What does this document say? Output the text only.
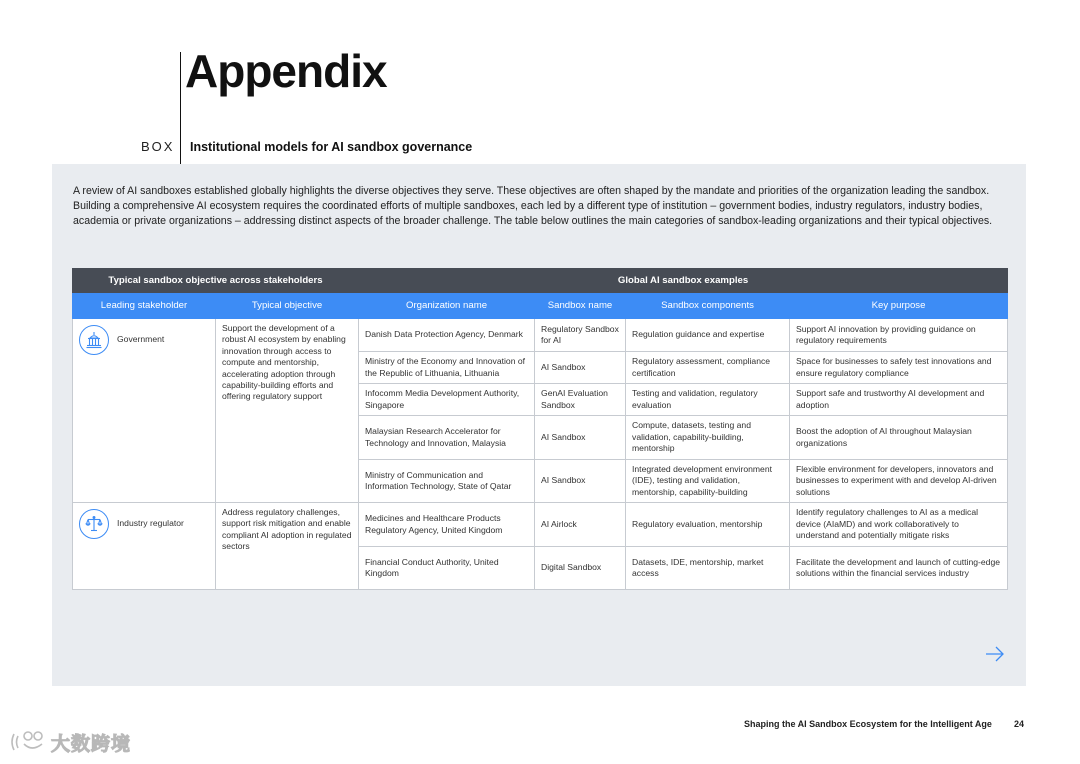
Appendix
BOX Institutional models for AI sandbox governance

A review of AI sandboxes established globally highlights the diverse objectives they serve. These objectives are often shaped by the mandate and priorities of the organization leading the sandbox. Building a comprehensive AI ecosystem requires the coordinated efforts of multiple sandboxes, each led by a different type of institution – government bodies, industry regulators, industry bodies, academia or private organizations – addressing distinct aspects of the broader challenge. The table below outlines the main categories of sandbox-leading organizations and their typical objectives.

Typical sandbox objective across stakeholders		Global AI sandbox examples			
Leading stakeholder	Typical objective	Organization name	Sandbox name	Sandbox components	Key purpose

Government	Support the development of a robust AI ecosystem by enabling innovation through access to compute and mentorship, accelerating adoption through capability-building efforts and offering regulatory support	Danish Data Protection Agency, Denmark	Regulatory Sandbox for AI	Regulation guidance and expertise	Support AI innovation by providing guidance on regulatory requirements
		Ministry of the Economy and Innovation of the Republic of Lithuania, Lithuania	AI Sandbox	Regulatory assessment, compliance certification	Space for businesses to safely test innovations and ensure regulatory compliance
		Infocomm Media Development Authority, Singapore	GenAI Evaluation Sandbox	Testing and validation, regulatory evaluation	Support safe and trustworthy AI development and adoption
		Malaysian Research Accelerator for Technology and Innovation, Malaysia	AI Sandbox	Compute, datasets, testing and validation, capability-building, mentorship	Boost the adoption of AI throughout Malaysian organizations
		Ministry of Communication and Information Technology, State of Qatar	AI Sandbox	Integrated development environment (IDE), testing and validation, mentorship, capability-building	Flexible environment for developers, innovators and businesses to experiment with and develop AI-driven solutions

Industry regulator	Address regulatory challenges, support risk mitigation and enable compliant AI adoption in regulated sectors	Medicines and Healthcare Products Regulatory Agency, United Kingdom	AI Airlock	Regulatory evaluation, mentorship	Identify regulatory challenges to AI as a medical device (AIaMD) and work collaboratively to understand and potentially mitigate risks
		Financial Conduct Authority, United Kingdom	Digital Sandbox	Datasets, IDE, mentorship, market access	Facilitate the development and launch of cutting-edge solutions within the financial services industry
Shaping the AI Sandbox Ecosystem for the Intelligent Age 24
大数跨境
